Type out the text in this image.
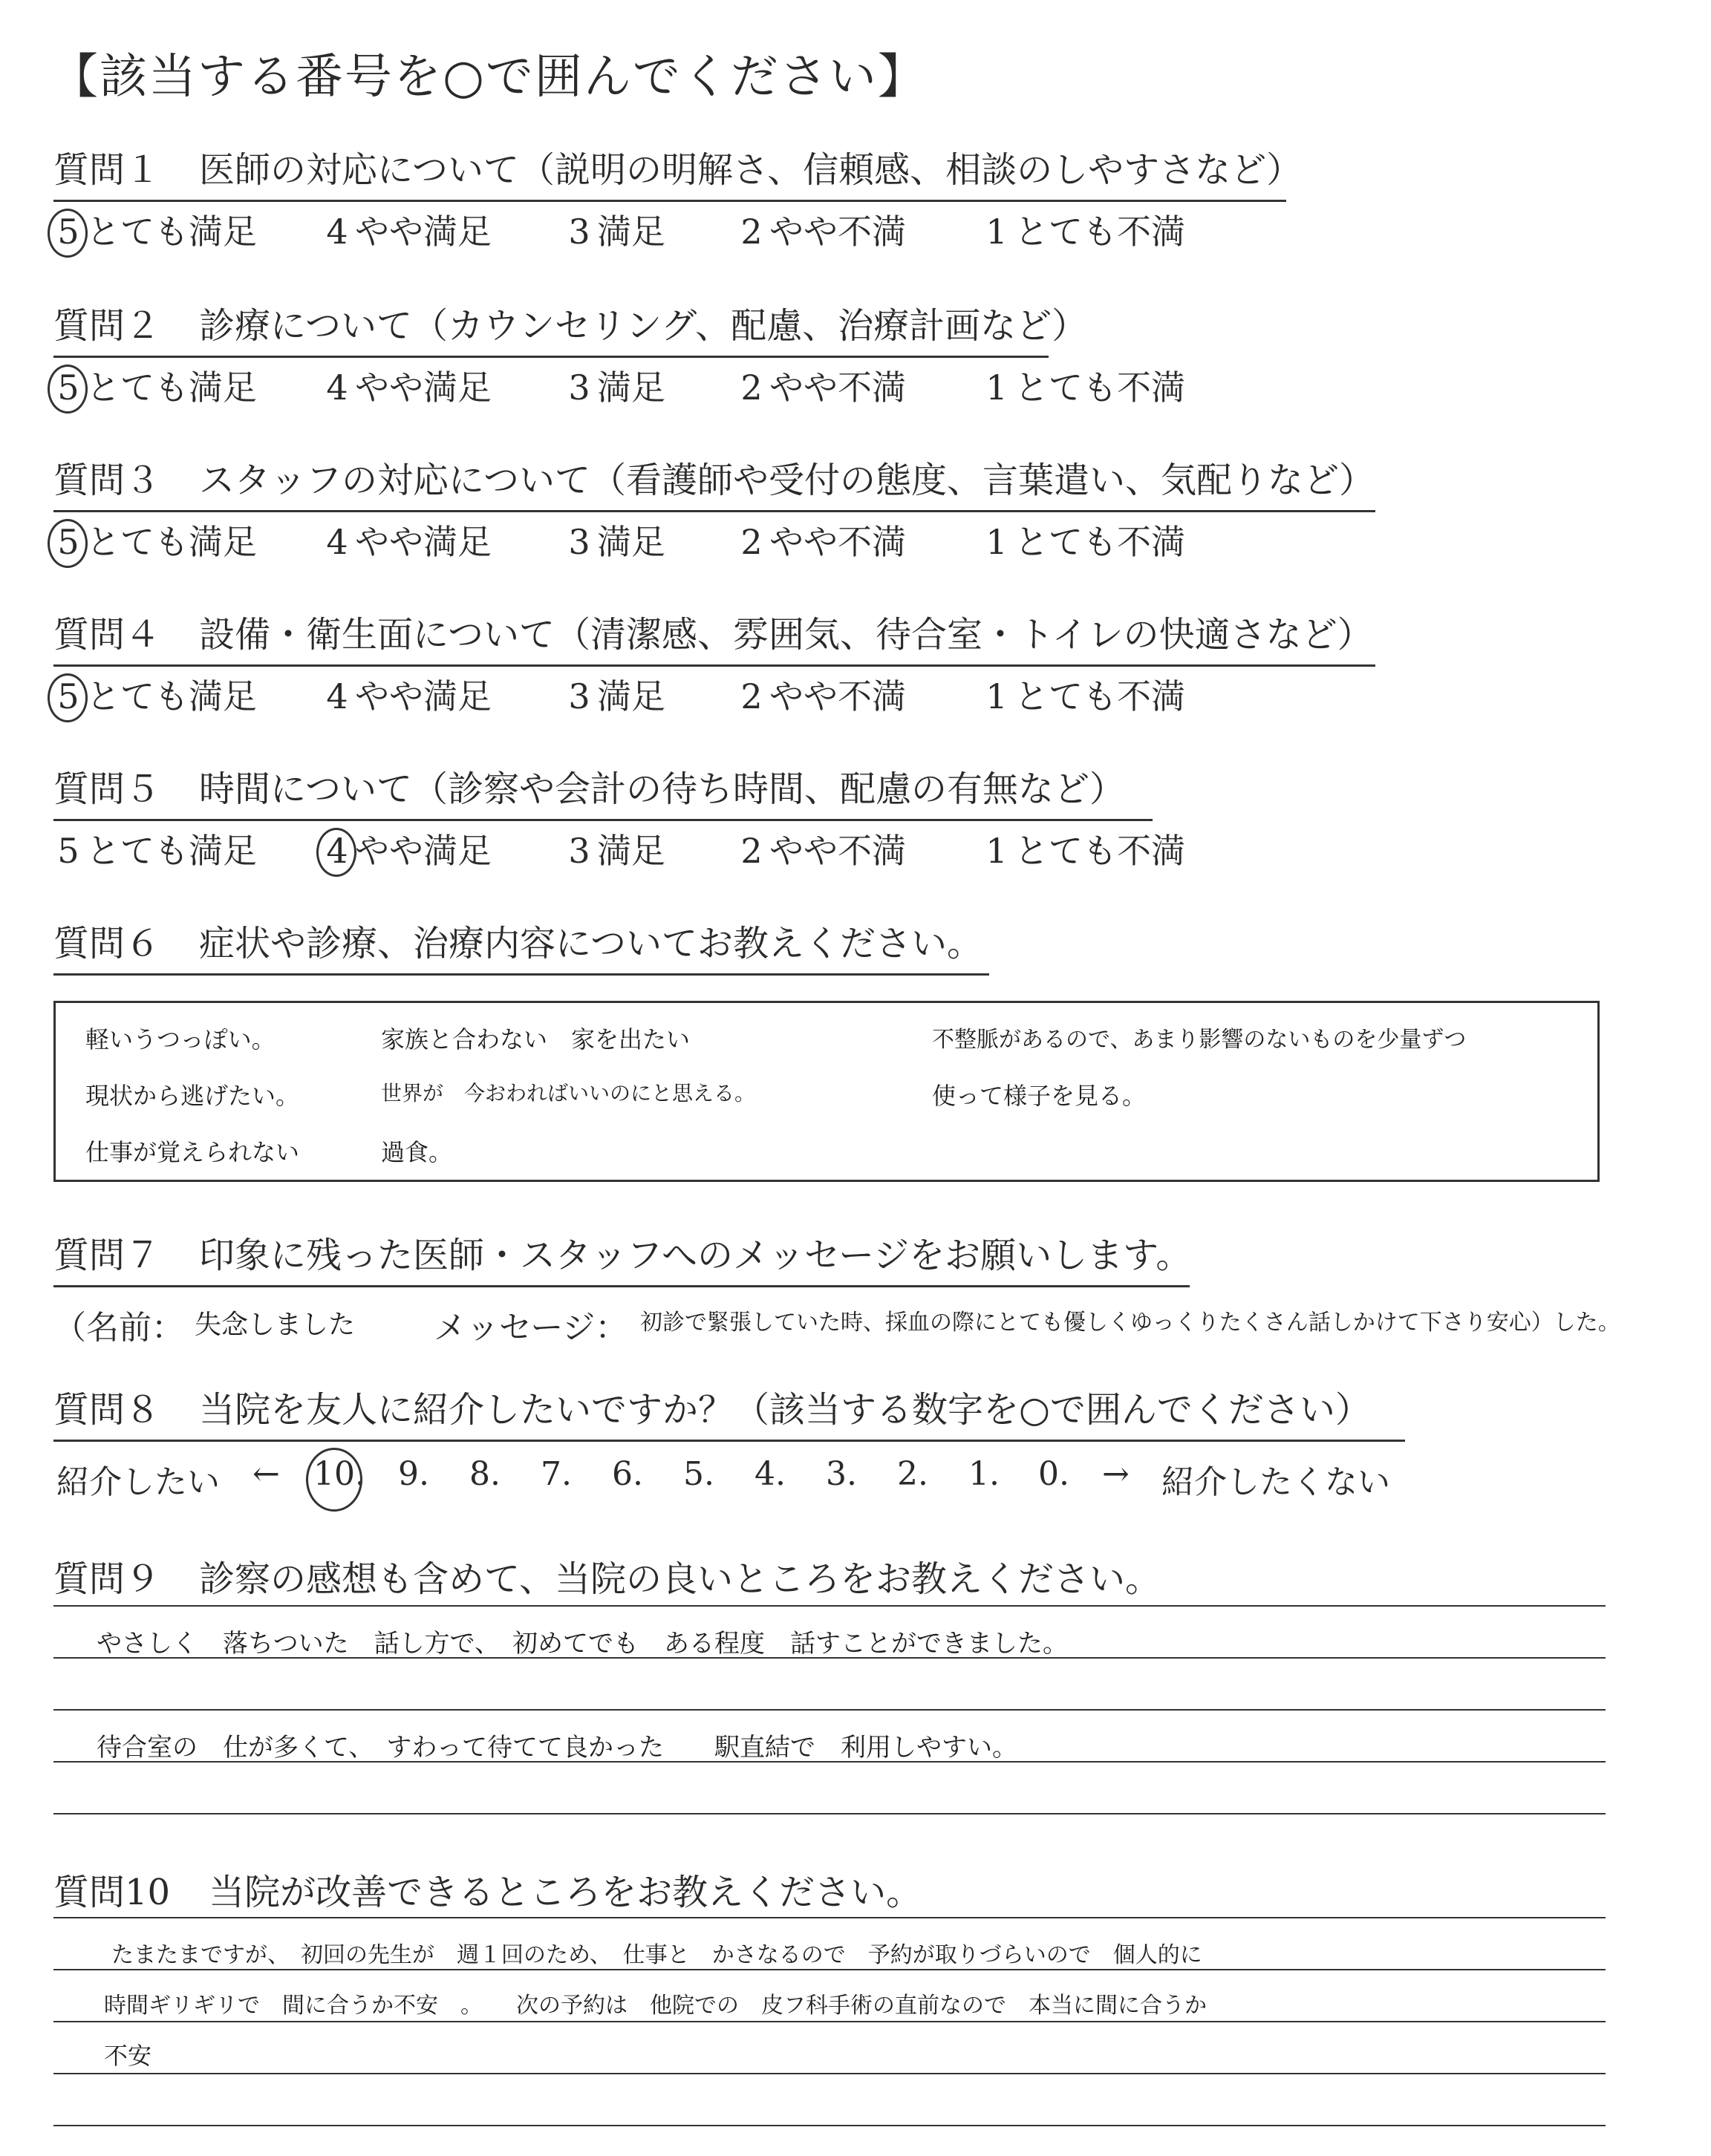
【該当する番号を○で囲んでください】
質問１ 医師の対応について（説明の明解さ、信頼感、相談のしやすさなど）
5 とても満足 4 やや満足 3 満足 2 やや不満 1 とても不満
質問２ 診療について（カウンセリング、配慮、治療計画など）
5 とても満足 4 やや満足 3 満足 2 やや不満 1 とても不満
質問３ スタッフの対応について（看護師や受付の態度、言葉遣い、気配りなど）
5 とても満足 4 やや満足 3 満足 2 やや不満 1 とても不満
質問４ 設備・衛生面について（清潔感、雰囲気、待合室・トイレの快適さなど）
5 とても満足 4 やや満足 3 満足 2 やや不満 1 とても不満
質問５ 時間について（診察や会計の待ち時間、配慮の有無など）
5 とても満足 4 やや満足 3 満足 2 やや不満 1 とても不満
質問６ 症状や診療、治療内容についてお教えください。
軽いうつっぽい。
現状から逃げたい。
仕事が覚えられない
家族と合わない　家を出たい
世界が　今おわればいいのにと思える。
過食。
不整脈があるので、あまり影響のないものを少量ずつ
使って様子を見る。
質問７ 印象に残った医師・スタッフへのメッセージをお願いします。
（名前： 失念しました メッセージ： 初診で緊張していた時、採血の際にとても優しくゆっくりたくさん話しかけて下さり安心）した。
質問８ 当院を友人に紹介したいですか？（該当する数字を○で囲んでください）
紹介したい ← 10. 9. 8. 7. 6. 5. 4. 3. 2. 1. 0. → 紹介したくない
質問９ 診察の感想も含めて、当院の良いところをお教えください。
やさしく　落ちついた　話し方で、　初めてでも　ある程度　話すことができました。
待合室の　仕が多くて、　すわって待てて良かった　　駅直結で　利用しやすい。
質問10 当院が改善できるところをお教えください。
たまたまですが、　初回の先生が　週１回のため、　仕事と　かさなるので　予約が取りづらいので　個人的に
時間ギリギリで　間に合うか不安　。　　次の予約は　他院での　皮フ科手術の直前なので　本当に間に合うか
不安
